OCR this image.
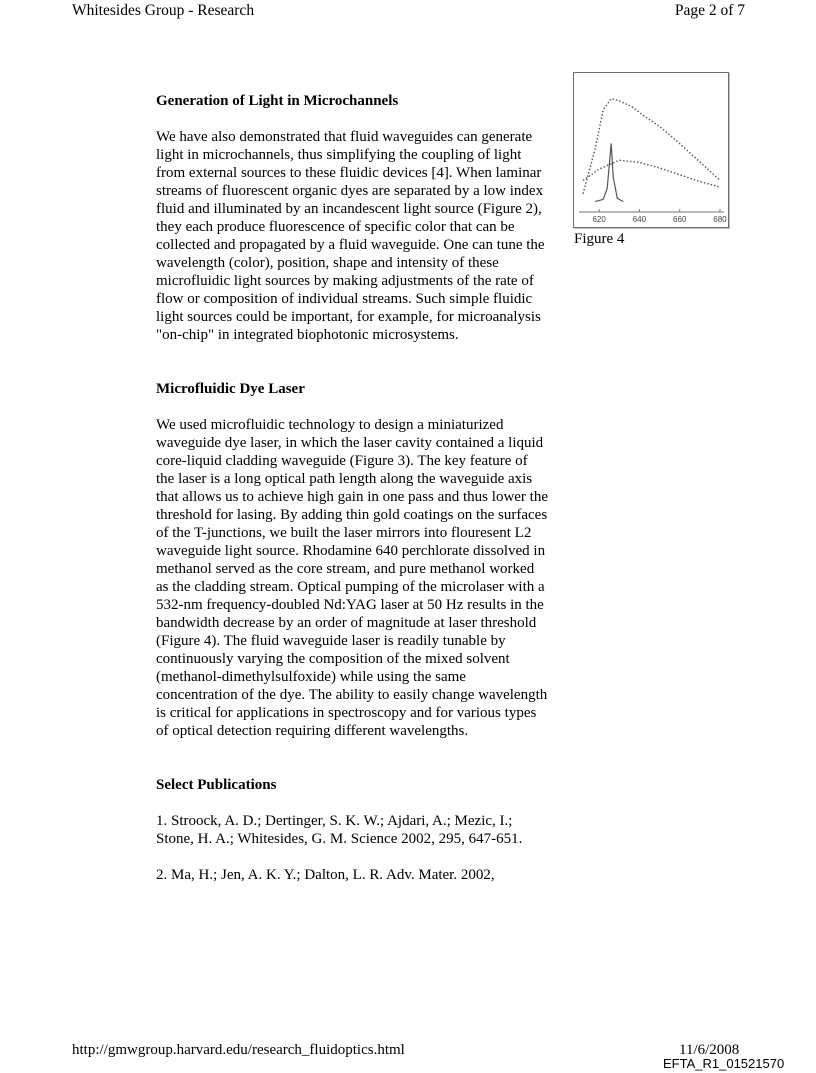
Whitesides Group - Research	Page 2 of 7
Generation of Light in Microchannels

We have also demonstrated that fluid waveguides can generate light in microchannels, thus simplifying the coupling of light from external sources to these fluidic devices [4]. When laminar streams of fluorescent organic dyes are separated by a low index fluid and illuminated by an incandescent light source (Figure 2), they each produce fluorescence of specific color that can be collected and propagated by a fluid waveguide. One can tune the wavelength (color), position, shape and intensity of these microfluidic light sources by making adjustments of the rate of flow or composition of individual streams. Such simple fluidic light sources could be important, for example, for microanalysis "on-chip" in integrated biophotonic microsystems.

Microfluidic Dye Laser

We used microfluidic technology to design a miniaturized waveguide dye laser, in which the laser cavity contained a liquid core-liquid cladding waveguide (Figure 3). The key feature of the laser is a long optical path length along the waveguide axis that allows us to achieve high gain in one pass and thus lower the threshold for lasing. By adding thin gold coatings on the surfaces of the T-junctions, we built the laser mirrors into flouresent L2 waveguide light source. Rhodamine 640 perchlorate dissolved in methanol served as the core stream, and pure methanol worked as the cladding stream. Optical pumping of the microlaser with a 532-nm frequency-doubled Nd:YAG laser at 50 Hz results in the bandwidth decrease by an order of magnitude at laser threshold (Figure 4). The fluid waveguide laser is readily tunable by continuously varying the composition of the mixed solvent (methanol-dimethylsulfoxide) while using the same concentration of the dye. The ability to easily change wavelength is critical for applications in spectroscopy and for various types of optical detection requiring different wavelengths.

Select Publications

1. Stroock, A. D.; Dertinger, S. K. W.; Ajdari, A.; Mezic, I.; Stone, H. A.; Whitesides, G. M. Science 2002, 295, 647-651.

2. Ma, H.; Jen, A. K. Y.; Dalton, L. R. Adv. Mater. 2002,

620	640	660	680
Figure 4
http://gmwgroup.harvard.edu/research_fluidoptics.html	11/6/2008
EFTA_R1_01521570
